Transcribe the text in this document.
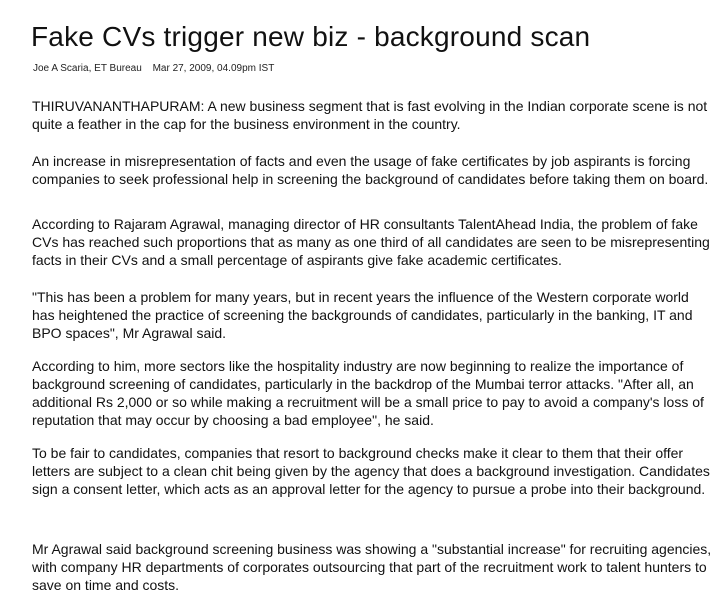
Fake CVs trigger new biz - background scan
Joe A Scaria, ET Bureau Mar 27, 2009, 04.09pm IST

THIRUVANANTHAPURAM: A new business segment that is fast evolving in the Indian corporate scene is not quite a feather in the cap for the business environment in the country.

An increase in misrepresentation of facts and even the usage of fake certificates by job aspirants is forcing companies to seek professional help in screening the background of candidates before taking them on board.

According to Rajaram Agrawal, managing director of HR consultants TalentAhead India, the problem of fake CVs has reached such proportions that as many as one third of all candidates are seen to be misrepresenting facts in their CVs and a small percentage of aspirants give fake academic certificates.

"This has been a problem for many years, but in recent years the influence of the Western corporate world has heightened the practice of screening the backgrounds of candidates, particularly in the banking, IT and BPO spaces", Mr Agrawal said.

According to him, more sectors like the hospitality industry are now beginning to realize the importance of background screening of candidates, particularly in the backdrop of the Mumbai terror attacks. "After all, an additional Rs 2,000 or so while making a recruitment will be a small price to pay to avoid a company's loss of reputation that may occur by choosing a bad employee", he said.

To be fair to candidates, companies that resort to background checks make it clear to them that their offer letters are subject to a clean chit being given by the agency that does a background investigation. Candidates sign a consent letter, which acts as an approval letter for the agency to pursue a probe into their background.

Mr Agrawal said background screening business was showing a "substantial increase" for recruiting agencies, with company HR departments of corporates outsourcing that part of the recruitment work to talent hunters to save on time and costs.
